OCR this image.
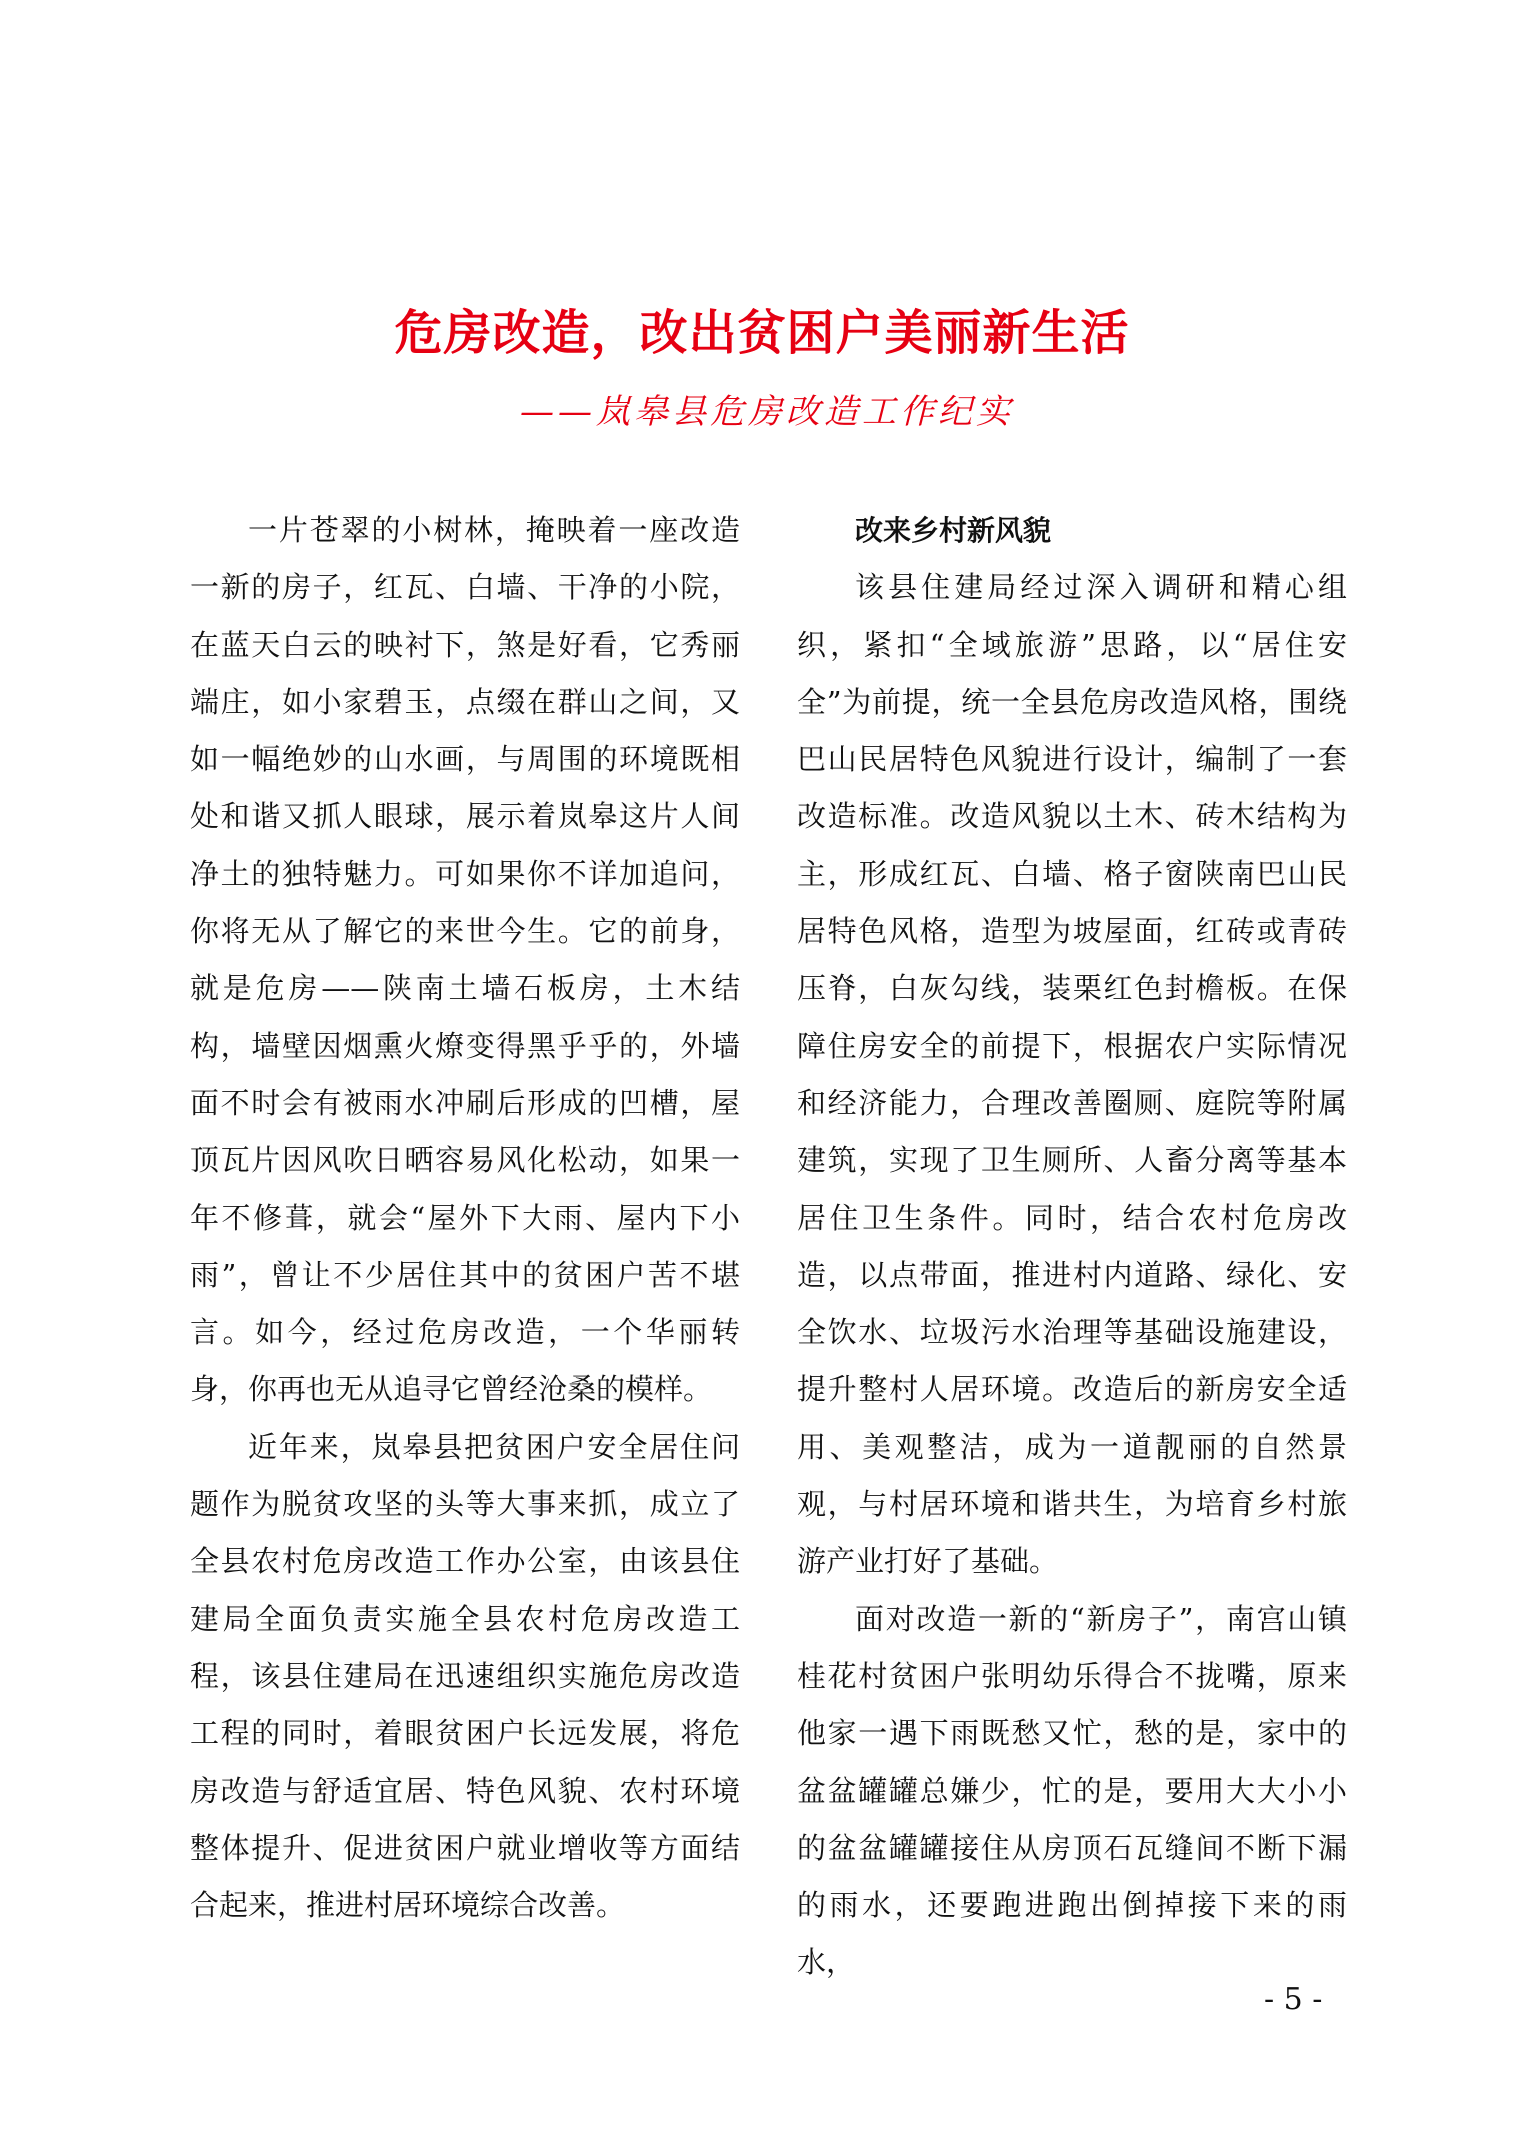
危房改造，改出贫困户美丽新生活
——岚皋县危房改造工作纪实

一片苍翠的小树林，掩映着一座改造一新的房子，红瓦、白墙、干净的小院，在蓝天白云的映衬下，煞是好看，它秀丽端庄，如小家碧玉，点缀在群山之间，又如一幅绝妙的山水画，与周围的环境既相处和谐又抓人眼球，展示着岚皋这片人间净土的独特魅力。可如果你不详加追问，你将无从了解它的来世今生。它的前身，就是危房——陕南土墙石板房，土木结构，墙壁因烟熏火燎变得黑乎乎的，外墙面不时会有被雨水冲刷后形成的凹槽，屋顶瓦片因风吹日晒容易风化松动，如果一年不修葺，就会“屋外下大雨、屋内下小雨”，曾让不少居住其中的贫困户苦不堪言。如今，经过危房改造，一个华丽转身，你再也无从追寻它曾经沧桑的模样。

近年来，岚皋县把贫困户安全居住问题作为脱贫攻坚的头等大事来抓，成立了全县农村危房改造工作办公室，由该县住建局全面负责实施全县农村危房改造工程，该县住建局在迅速组织实施危房改造工程的同时，着眼贫困户长远发展，将危房改造与舒适宜居、特色风貌、农村环境整体提升、促进贫困户就业增收等方面结合起来，推进村居环境综合改善。

改来乡村新风貌

该县住建局经过深入调研和精心组织，紧扣“全域旅游”思路，以“居住安全”为前提，统一全县危房改造风格，围绕巴山民居特色风貌进行设计，编制了一套改造标准。改造风貌以土木、砖木结构为主，形成红瓦、白墙、格子窗陕南巴山民居特色风格，造型为坡屋面，红砖或青砖压脊，白灰勾线，装栗红色封檐板。在保障住房安全的前提下，根据农户实际情况和经济能力，合理改善圈厕、庭院等附属建筑，实现了卫生厕所、人畜分离等基本居住卫生条件。同时，结合农村危房改造，以点带面，推进村内道路、绿化、安全饮水、垃圾污水治理等基础设施建设，提升整村人居环境。改造后的新房安全适用、美观整洁，成为一道靓丽的自然景观，与村居环境和谐共生，为培育乡村旅游产业打好了基础。

面对改造一新的“新房子”，南宫山镇桂花村贫困户张明幼乐得合不拢嘴，原来他家一遇下雨既愁又忙，愁的是，家中的盆盆罐罐总嫌少，忙的是，要用大大小小的盆盆罐罐接住从房顶石瓦缝间不断下漏的雨水，还要跑进跑出倒掉接下来的雨水，

- 5 -
